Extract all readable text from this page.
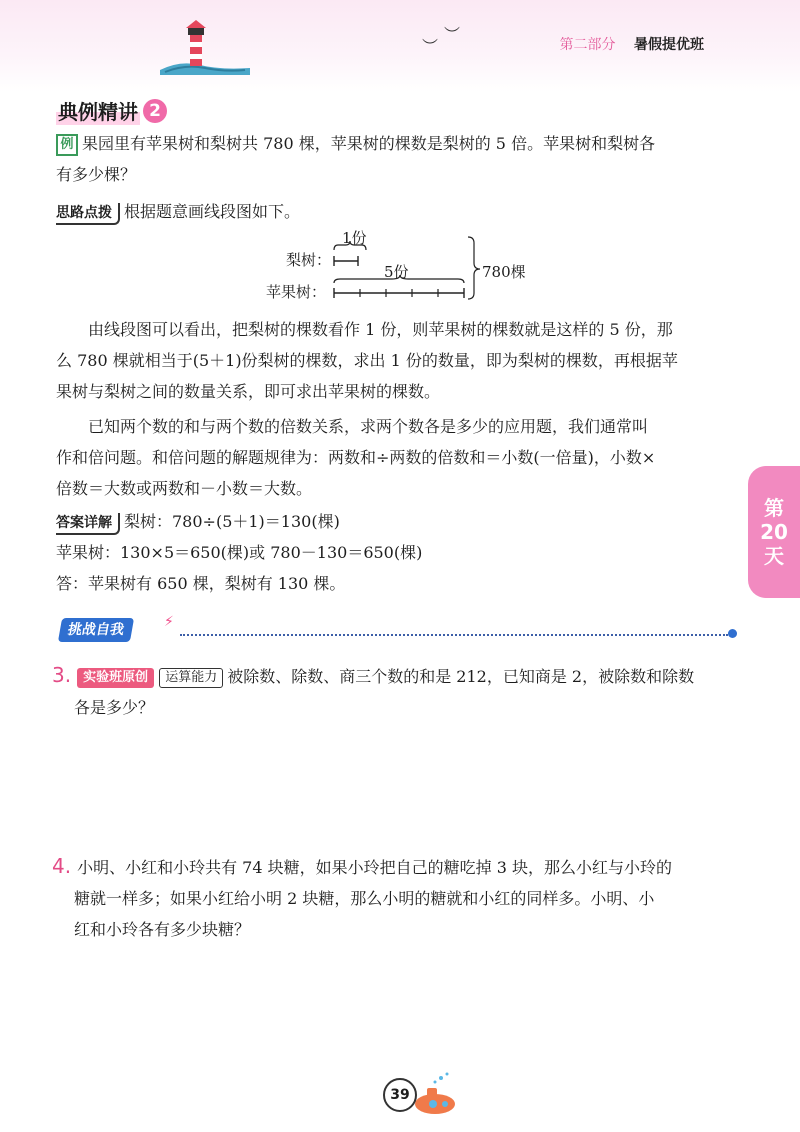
︶
︶
第二部分 暑假提优班
典例精讲 2
例 果园里有苹果树和梨树共 780 棵，苹果树的棵数是梨树的 5 倍。苹果树和梨树各
有多少棵？
思路点拨 根据题意画线段图如下。
1份
梨树：
5份
苹果树：
780棵
由线段图可以看出，把梨树的棵数看作 1 份，则苹果树的棵数就是这样的 5 份，那
么 780 棵就相当于(5＋1)份梨树的棵数，求出 1 份的数量，即为梨树的棵数，再根据苹
果树与梨树之间的数量关系，即可求出苹果树的棵数。
已知两个数的和与两个数的倍数关系，求两个数各是多少的应用题，我们通常叫
作和倍问题。和倍问题的解题规律为：两数和÷两数的倍数和＝小数(一倍量)，小数×
倍数＝大数或两数和－小数＝大数。
答案详解 梨树：780÷(5＋1)＝130(棵)
苹果树：130×5＝650(棵)或 780－130＝650(棵)
答：苹果树有 650 棵，梨树有 130 棵。
第
20
天
挑战自我	⚡
3. 实验班原创 运算能力 被除数、除数、商三个数的和是 212，已知商是 2，被除数和除数
各是多少？
4. 小明、小红和小玲共有 74 块糖，如果小玲把自己的糖吃掉 3 块，那么小红与小玲的
糖就一样多；如果小红给小明 2 块糖，那么小明的糖就和小红的同样多。小明、小
红和小玲各有多少块糖？
39
